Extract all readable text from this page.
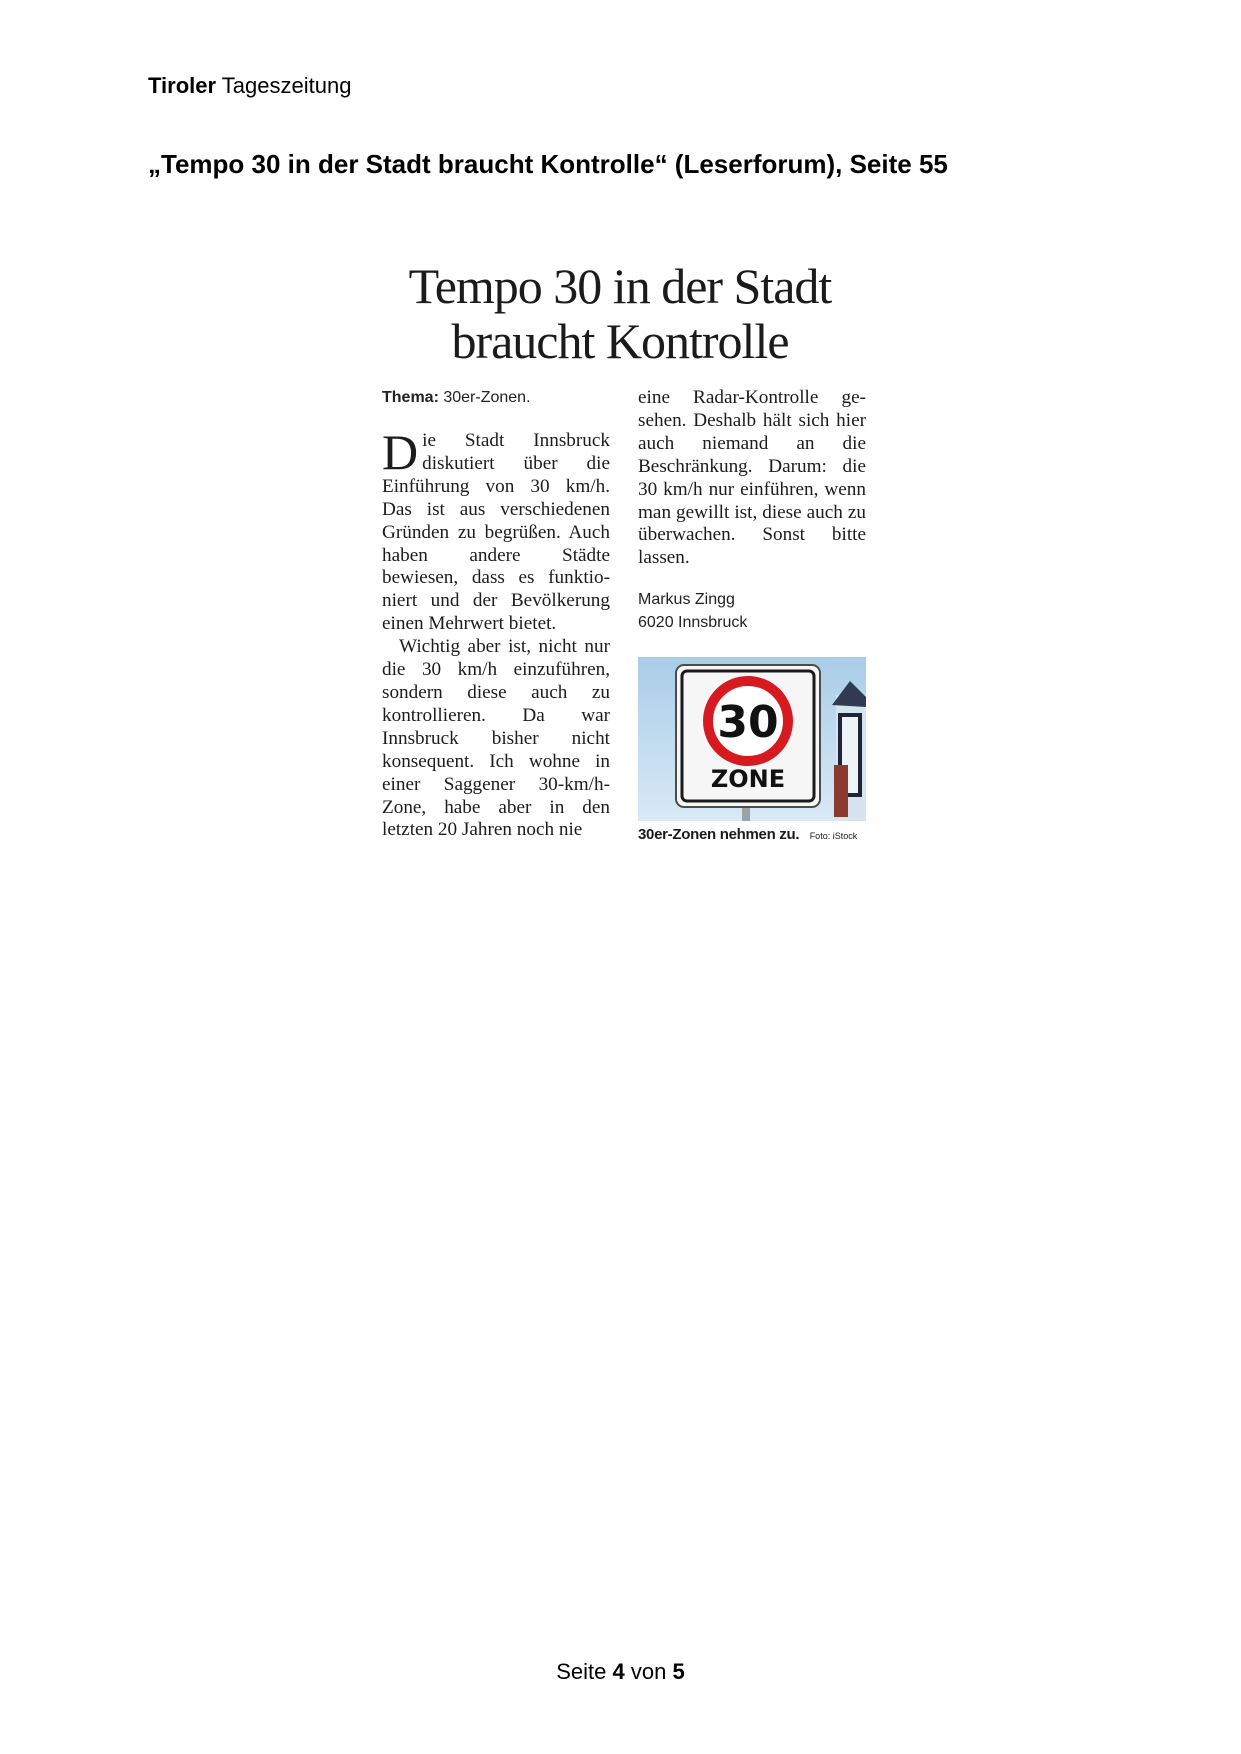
Tiroler Tageszeitung
„Tempo 30 in der Stadt braucht Kontrolle“ (Leserforum), Seite 55
Tempo 30 in der Stadt
braucht Kontrolle
Thema: 30er-Zonen.

Die Stadt Innsbruck diskutiert über die Einführung von 30 km/h. Das ist aus verschiedenen Gründen zu begrüßen. Auch haben andere Städte bewiesen, dass es funktioniert und der Bevölkerung einen Mehrwert bietet.

Wichtig aber ist, nicht nur die 30 km/h einzuführen, sondern diese auch zu kontrollieren. Da war Innsbruck bisher nicht konsequent. Ich wohne in einer Saggener 30-km/h-Zone, habe aber in den letzten 20 Jahren noch nie

eine Radar-Kontrolle gesehen. Deshalb hält sich hier auch niemand an die Beschränkung. Darum: die 30 km/h nur einführen, wenn man gewillt ist, diese auch zu überwachen. Sonst bitte lassen.

Markus Zingg
6020 Innsbruck
30
ZONE
30er-Zonen nehmen zu. Foto: iStock
Seite 4 von 5
